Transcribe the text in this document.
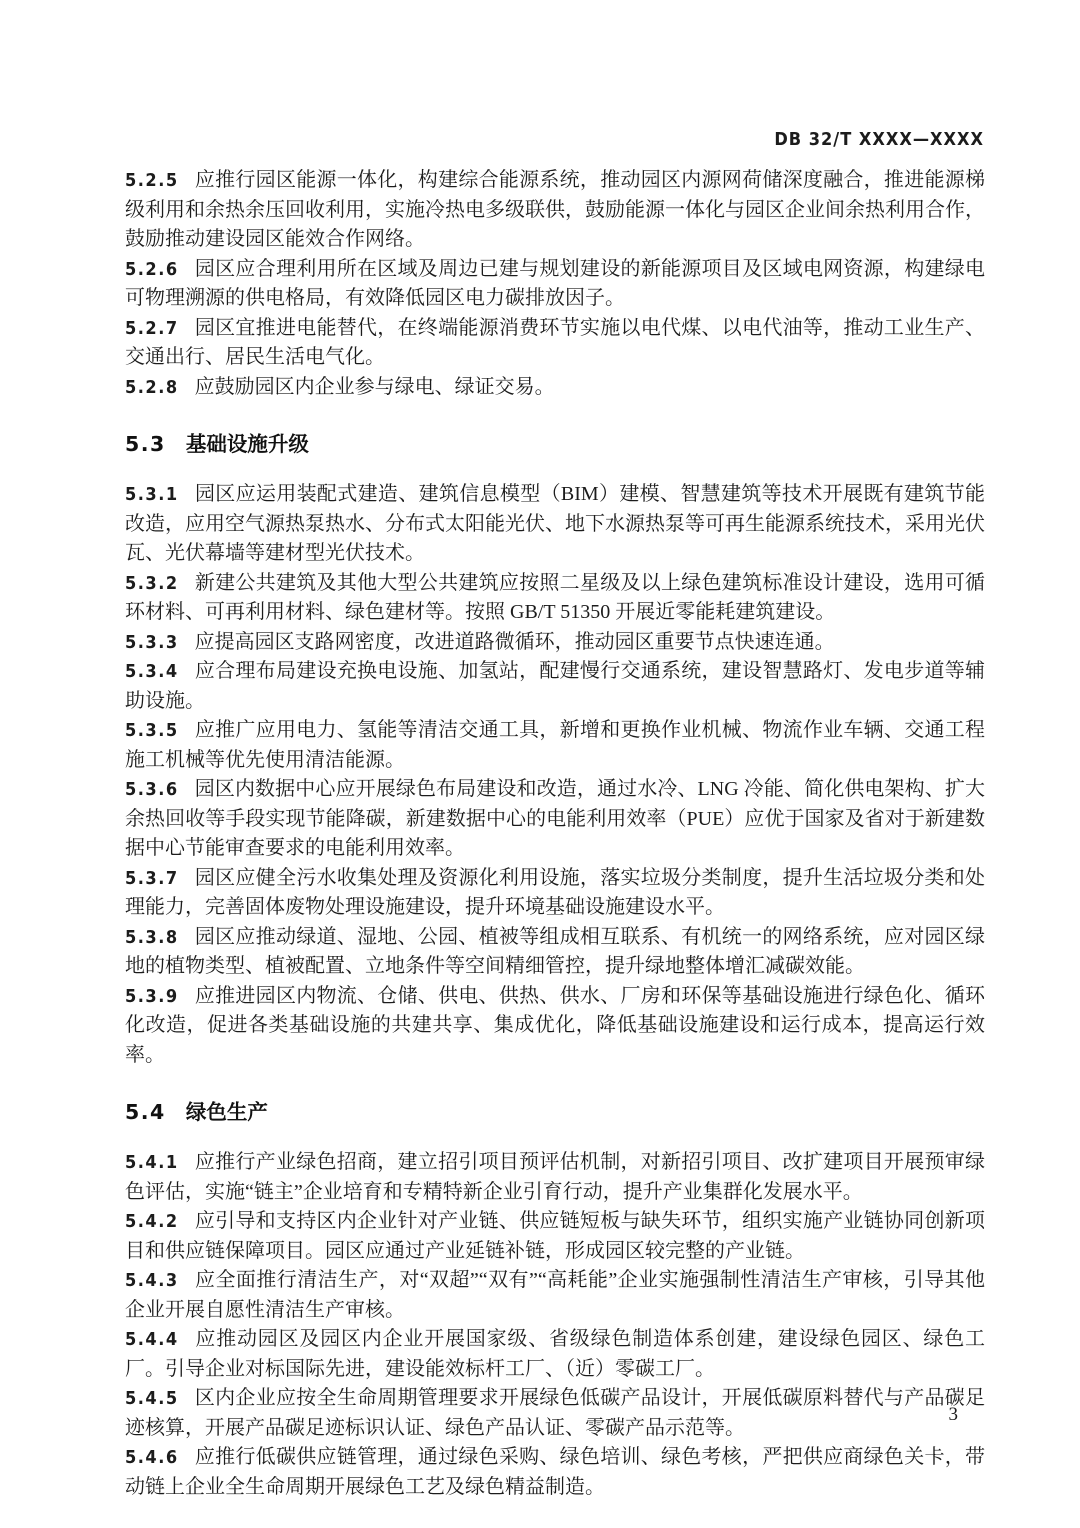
DB 32/T XXXX—XXXX

5.2.5 应推行园区能源一体化，构建综合能源系统，推动园区内源网荷储深度融合，推进能源梯级利用和余热余压回收利用，实施冷热电多级联供，鼓励能源一体化与园区企业间余热利用合作，鼓励推动建设园区能效合作网络。

5.2.6 园区应合理利用所在区域及周边已建与规划建设的新能源项目及区域电网资源，构建绿电可物理溯源的供电格局，有效降低园区电力碳排放因子。

5.2.7 园区宜推进电能替代，在终端能源消费环节实施以电代煤、以电代油等，推动工业生产、交通出行、居民生活电气化。

5.2.8 应鼓励园区内企业参与绿电、绿证交易。

5.3 基础设施升级

5.3.1 园区应运用装配式建造、建筑信息模型（BIM）建模、智慧建筑等技术开展既有建筑节能改造，应用空气源热泵热水、分布式太阳能光伏、地下水源热泵等可再生能源系统技术，采用光伏瓦、光伏幕墙等建材型光伏技术。

5.3.2 新建公共建筑及其他大型公共建筑应按照二星级及以上绿色建筑标准设计建设，选用可循环材料、可再利用材料、绿色建材等。按照 GB/T 51350 开展近零能耗建筑建设。

5.3.3 应提高园区支路网密度，改进道路微循环，推动园区重要节点快速连通。

5.3.4 应合理布局建设充换电设施、加氢站，配建慢行交通系统，建设智慧路灯、发电步道等辅助设施。

5.3.5 应推广应用电力、氢能等清洁交通工具，新增和更换作业机械、物流作业车辆、交通工程施工机械等优先使用清洁能源。

5.3.6 园区内数据中心应开展绿色布局建设和改造，通过水冷、LNG 冷能、简化供电架构、扩大余热回收等手段实现节能降碳，新建数据中心的电能利用效率（PUE）应优于国家及省对于新建数据中心节能审查要求的电能利用效率。

5.3.7 园区应健全污水收集处理及资源化利用设施，落实垃圾分类制度，提升生活垃圾分类和处理能力，完善固体废物处理设施建设，提升环境基础设施建设水平。

5.3.8 园区应推动绿道、湿地、公园、植被等组成相互联系、有机统一的网络系统，应对园区绿地的植物类型、植被配置、立地条件等空间精细管控，提升绿地整体增汇减碳效能。

5.3.9 应推进园区内物流、仓储、供电、供热、供水、厂房和环保等基础设施进行绿色化、循环化改造，促进各类基础设施的共建共享、集成优化，降低基础设施建设和运行成本，提高运行效率。

5.4 绿色生产

5.4.1 应推行产业绿色招商，建立招引项目预评估机制，对新招引项目、改扩建项目开展预审绿色评估，实施“链主”企业培育和专精特新企业引育行动，提升产业集群化发展水平。

5.4.2 应引导和支持区内企业针对产业链、供应链短板与缺失环节，组织实施产业链协同创新项目和供应链保障项目。园区应通过产业延链补链，形成园区较完整的产业链。

5.4.3 应全面推行清洁生产，对“双超”“双有”“高耗能”企业实施强制性清洁生产审核，引导其他企业开展自愿性清洁生产审核。

5.4.4 应推动园区及园区内企业开展国家级、省级绿色制造体系创建，建设绿色园区、绿色工厂。引导企业对标国际先进，建设能效标杆工厂、（近）零碳工厂。

5.4.5 区内企业应按全生命周期管理要求开展绿色低碳产品设计，开展低碳原料替代与产品碳足迹核算，开展产品碳足迹标识认证、绿色产品认证、零碳产品示范等。

5.4.6 应推行低碳供应链管理，通过绿色采购、绿色培训、绿色考核，严把供应商绿色关卡，带动链上企业全生命周期开展绿色工艺及绿色精益制造。

3
